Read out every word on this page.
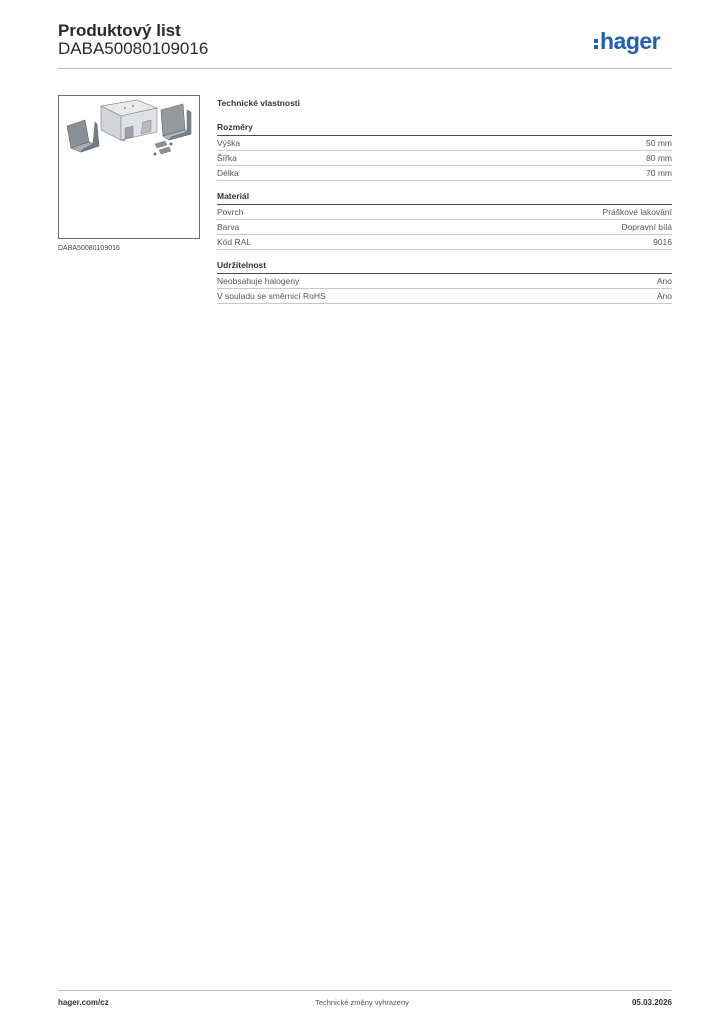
Produktový list
DABA50080109016	hager
DABA50080109016
Technické vlastnosti
Rozměry
Výška	50 mm
Šířka	80 mm
Délka	70 mm
Materiál
Povrch	Práškové lakování
Barva	Dopravní bílá
Kód RAL	9016
Udržitelnost
Neobsahuje halogeny	Ano
V souladu se směrnicí RoHS	Ano
hager.com/cz	Technické změny vyhrazeny	05.03.2026
